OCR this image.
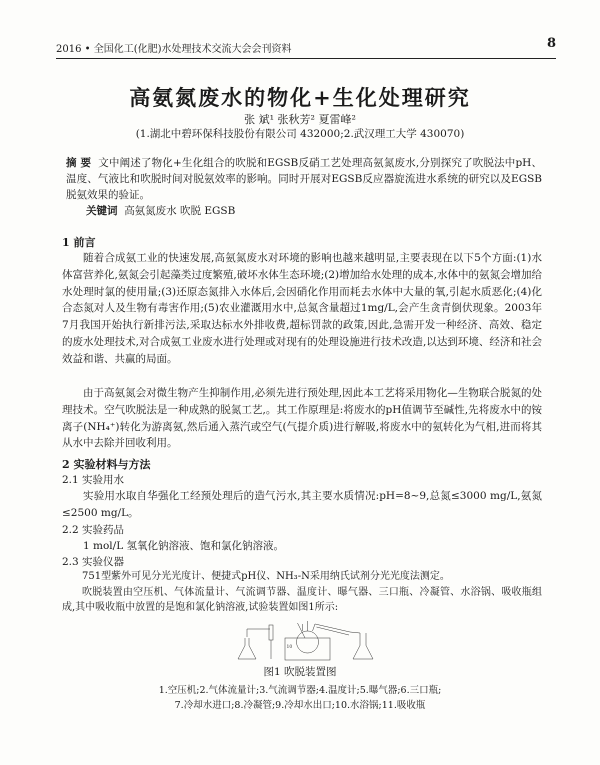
2016 • 全国化工(化肥)水处理技术交流大会会刊资料	8
高氨氮废水的物化+生化处理研究
张 斌¹ 张秋芳² 夏雷峰²
(1.湖北中碧环保科技股份有限公司 432000;2.武汉理工大学 430070)
摘 要 文中阐述了物化+生化组合的吹脱和EGSB反硝工艺处理高氨氮废水,分别探究了吹脱法中pH、温度、气液比和吹脱时间对脱氨效率的影响。同时开展对EGSB反应器旋流进水系统的研究以及EGSB脱氨效果的验证。
关键词 高氨氮废水 吹脱 EGSB
1 前言
随着合成氨工业的快速发展,高氨氮废水对环境的影响也越来越明显,主要表现在以下5个方面:(1)水体富营养化,氨氮会引起藻类过度繁殖,破坏水体生态环境;(2)增加给水处理的成本,水体中的氨氮会增加给水处理时氯的使用量;(3)还原态氮排入水体后,会因硝化作用而耗去水体中大量的氧,引起水质恶化;(4)化合态氮对人及生物有毒害作用;(5)农业灌溉用水中,总氮含量超过1mg/L,会产生贪青倒伏现象。2003年7月我国开始执行新排污法,采取达标水外排收费,超标罚款的政策,因此,急需开发一种经济、高效、稳定的废水处理技术,对合成氨工业废水进行处理或对现有的处理设施进行技术改造,以达到环境、经济和社会效益和谐、共赢的局面。
由于高氨氮会对微生物产生抑制作用,必须先进行预处理,因此本工艺将采用物化—生物联合脱氮的处理技术。空气吹脱法是一种成熟的脱氮工艺,。其工作原理是:将废水的pH值调节至碱性,先将废水中的铵离子(NH₄⁺)转化为游离氨,然后通入蒸汽或空气(气提介质)进行解吸,将废水中的氨转化为气相,进而将其从水中去除并回收利用。
2 实验材料与方法
2.1 实验用水
实验用水取自华强化工经预处理后的造气污水,其主要水质情况:pH=8~9,总氮≤3000 mg/L,氨氮≤2500 mg/L。
2.2 实验药品
1 mol/L 氢氧化钠溶液、饱和氯化钠溶液。
2.3 实验仪器
10
图1 吹脱装置图
1.空压机;2.气体流量计;3.气流调节器;4.温度计;5.曝气器;6.三口瓶;
7.冷却水进口;8.冷凝管;9.冷却水出口;10.水浴锅;11.吸收瓶
751型紫外可见分光光度计、便捷式pH仪、NH₃-N采用纳氏试剂分光光度法测定。
吹脱装置由空压机、气体流量计、气流调节器、温度计、曝气器、三口瓶、冷凝管、水浴锅、吸收瓶组成,其中吸收瓶中放置的是饱和氯化钠溶液,试验装置如图1所示:
